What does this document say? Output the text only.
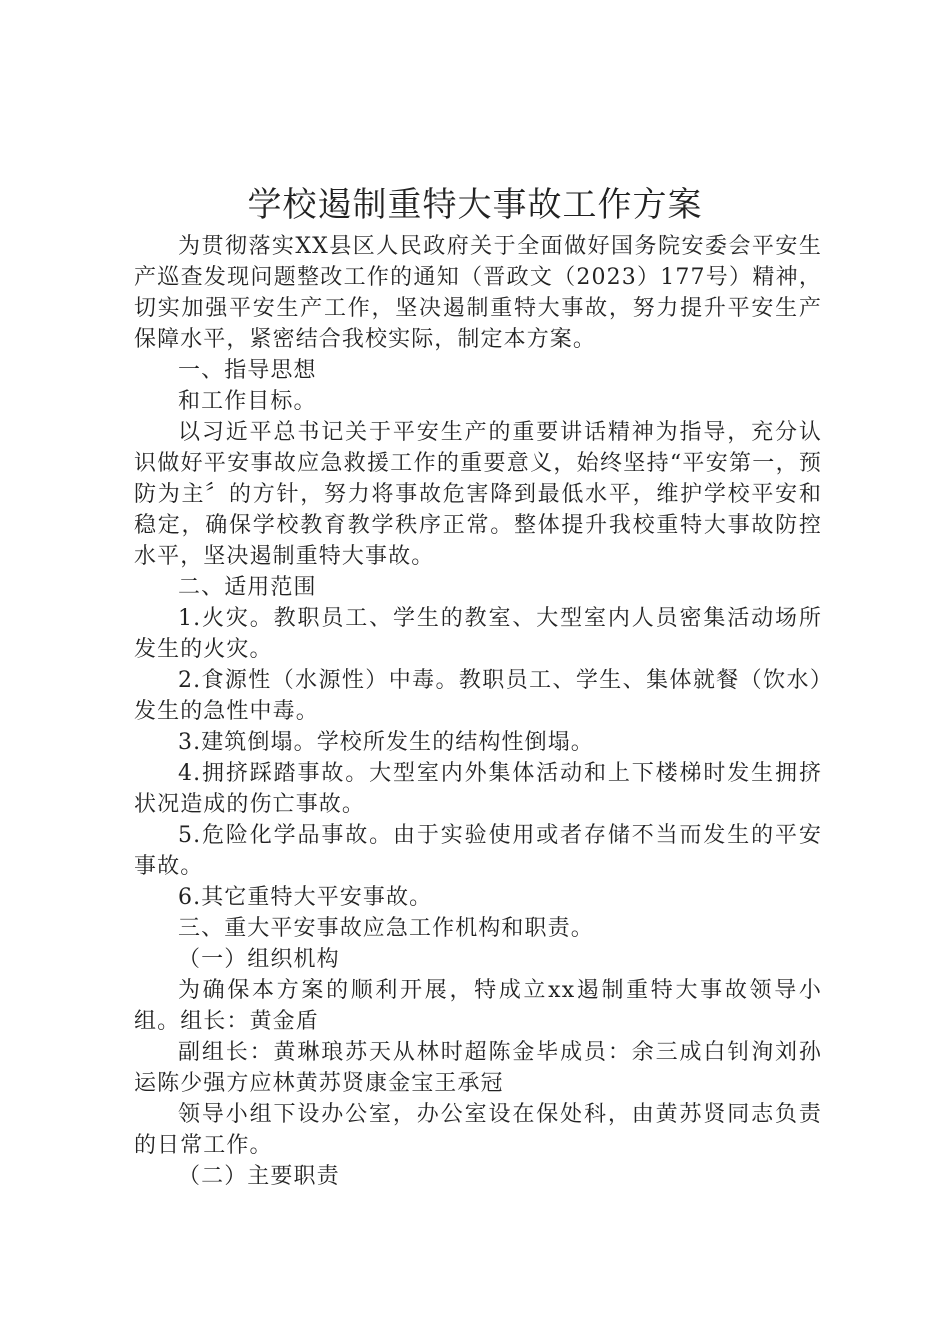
学校遏制重特大事故工作方案

为贯彻落实XX县区人民政府关于全面做好国务院安委会平安生产巡查发现问题整改工作的通知（晋政文（2023）177号）精神，切实加强平安生产工作，坚决遏制重特大事故，努力提升平安生产保障水平，紧密结合我校实际，制定本方案。

一、指导思想

和工作目标。

以习近平总书记关于平安生产的重要讲话精神为指导，充分认识做好平安事故应急救援工作的重要意义，始终坚持“平安第一，预防为主〞的方针，努力将事故危害降到最低水平，维护学校平安和稳定，确保学校教育教学秩序正常。整体提升我校重特大事故防控水平，坚决遏制重特大事故。

二、适用范围

1.火灾。教职员工、学生的教室、大型室内人员密集活动场所发生的火灾。

2.食源性（水源性）中毒。教职员工、学生、集体就餐（饮水）发生的急性中毒。

3.建筑倒塌。学校所发生的结构性倒塌。

4.拥挤踩踏事故。大型室内外集体活动和上下楼梯时发生拥挤状况造成的伤亡事故。

5.危险化学品事故。由于实验使用或者存储不当而发生的平安事故。

6.其它重特大平安事故。

三、重大平安事故应急工作机构和职责。

（一）组织机构

为确保本方案的顺利开展，特成立xx遏制重特大事故领导小组。组长：黄金盾

副组长：黄琳琅苏天从林时超陈金毕成员：余三成白钊洵刘孙运陈少强方应林黄苏贤康金宝王承冠

领导小组下设办公室，办公室设在保处科，由黄苏贤同志负责的日常工作。

（二）主要职责
